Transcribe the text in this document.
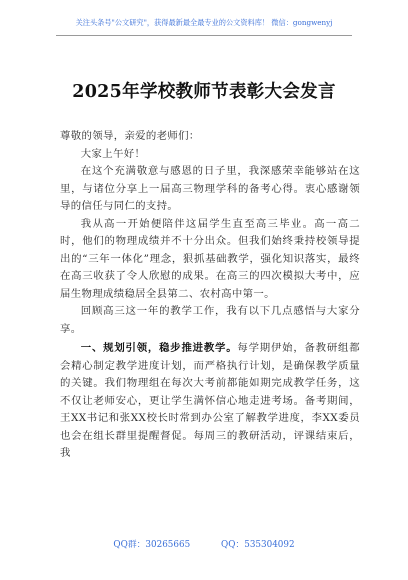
关注头条号"公文研究"，获得最新最全最专业的公文资料库！ 微信：gongwenyj
2025年学校教师节表彰大会发言

尊敬的领导，亲爱的老师们：

大家上午好！

在这个充满敬意与感恩的日子里，我深感荣幸能够站在这里，与诸位分享上一届高三物理学科的备考心得。衷心感谢领导的信任与同仁的支持。

我从高一开始便陪伴这届学生直至高三毕业。高一高二时，他们的物理成绩并不十分出众。但我们始终秉持校领导提出的“三年一体化”理念，狠抓基础教学，强化知识落实，最终在高三收获了令人欣慰的成果。在高三的四次模拟大考中，应届生物理成绩稳居全县第二、农村高中第一。

回顾高三这一年的教学工作，我有以下几点感悟与大家分享。

一、规划引领，稳步推进教学。每学期伊始，备教研组都会精心制定教学进度计划，而严格执行计划，是确保教学质量的关键。我们物理组在每次大考前都能如期完成教学任务，这不仅让老师安心，更让学生满怀信心地走进考场。备考期间，王XX书记和张XX校长时常到办公室了解教学进度，李XX委员也会在组长群里提醒督促。每周三的教研活动，评课结束后，我

QQ群：30265665	QQ：535304092
